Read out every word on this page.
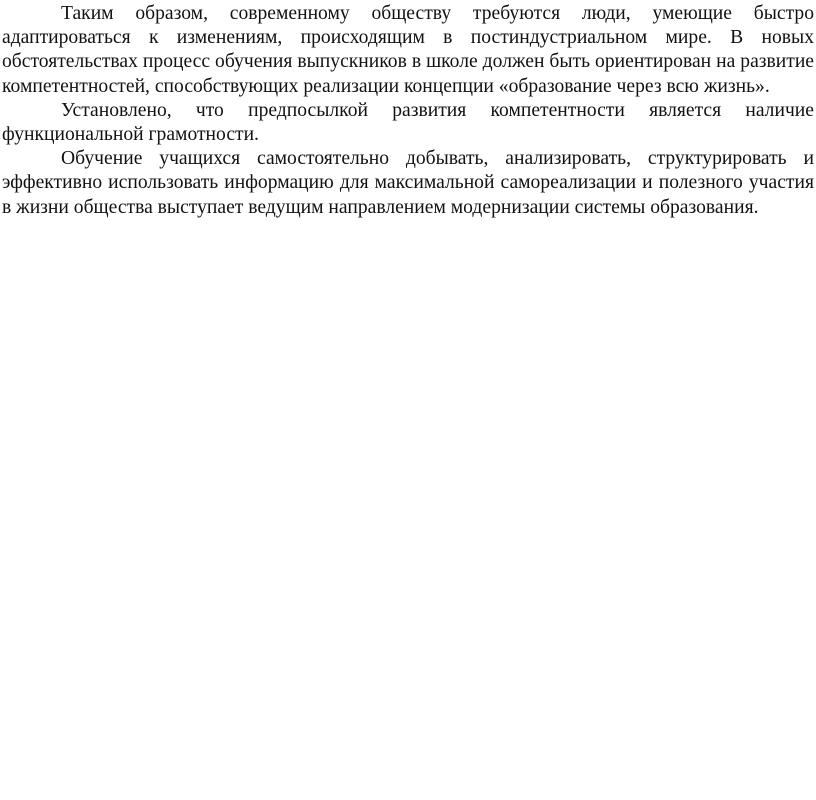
Таким образом, современному обществу требуются люди, умеющие быстро адаптироваться к изменениям, происходящим в постиндустриальном мире. В новых обстоятельствах процесс обучения выпускников в школе должен быть ориентирован на развитие компетентностей, способствующих реализации концепции «образование через всю жизнь».

Установлено, что предпосылкой развития компетентности является наличие функциональной грамотности.

Обучение учащихся самостоятельно добывать, анализировать, структурировать и эффективно использовать информацию для максимальной самореализации и полезного участия в жизни общества выступает ведущим направлением модернизации системы образования.
